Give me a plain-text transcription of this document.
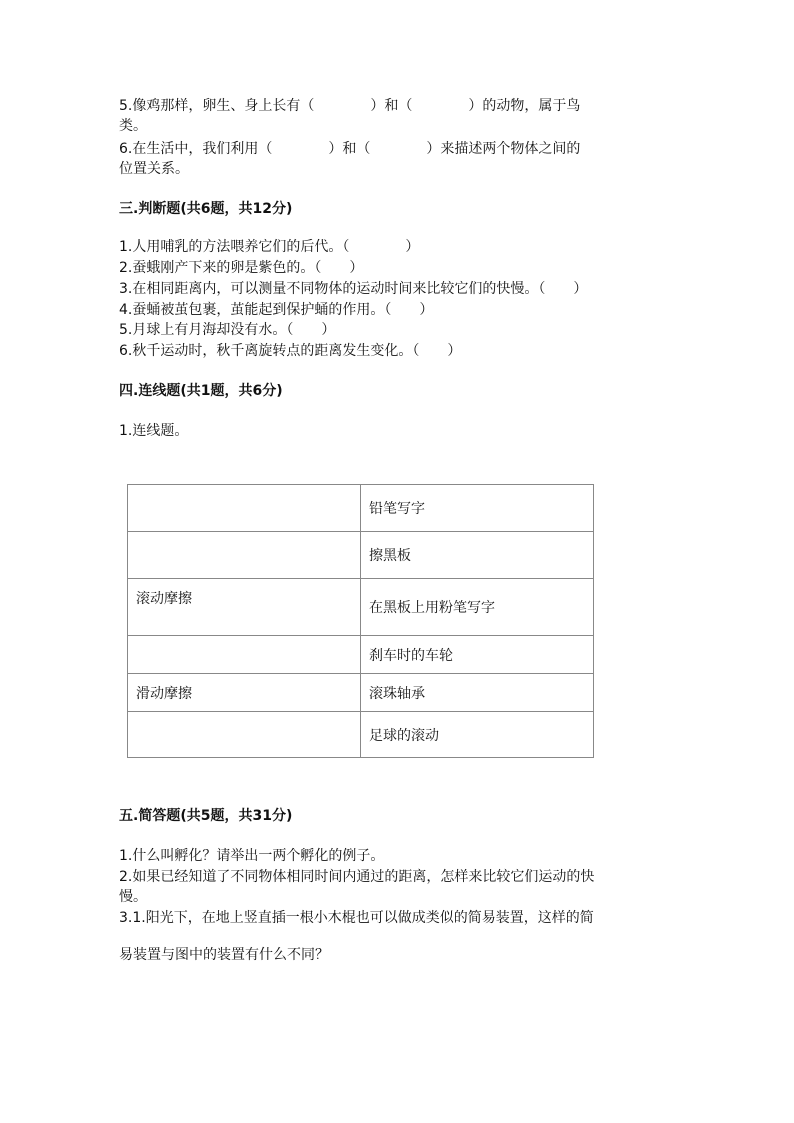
5.像鸡那样，卵生、身上长有（　　　　）和（　　　　）的动物，属于鸟
类。
6.在生活中，我们利用（　　　　）和（　　　　）来描述两个物体之间的
位置关系。
三.判断题(共6题，共12分)
1.人用哺乳的方法喂养它们的后代。（　　　　）
2.蚕蛾刚产下来的卵是紫色的。（　　）
3.在相同距离内，可以测量不同物体的运动时间来比较它们的快慢。（　　）
4.蚕蛹被茧包裹，茧能起到保护蛹的作用。（　　）
5.月球上有月海却没有水。（　　）
6.秋千运动时，秋千离旋转点的距离发生变化。（　　）
四.连线题(共1题，共6分)
1.连线题。
	铅笔写字
	擦黑板
滚动摩擦	在黑板上用粉笔写字
	刹车时的车轮
滑动摩擦	滚珠轴承
	足球的滚动
五.简答题(共5题，共31分)
1.什么叫孵化？请举出一两个孵化的例子。
2.如果已经知道了不同物体相同时间内通过的距离，怎样来比较它们运动的快
慢。
3.1.阳光下，在地上竖直插一根小木棍也可以做成类似的简易装置，这样的简
易装置与图中的装置有什么不同？
